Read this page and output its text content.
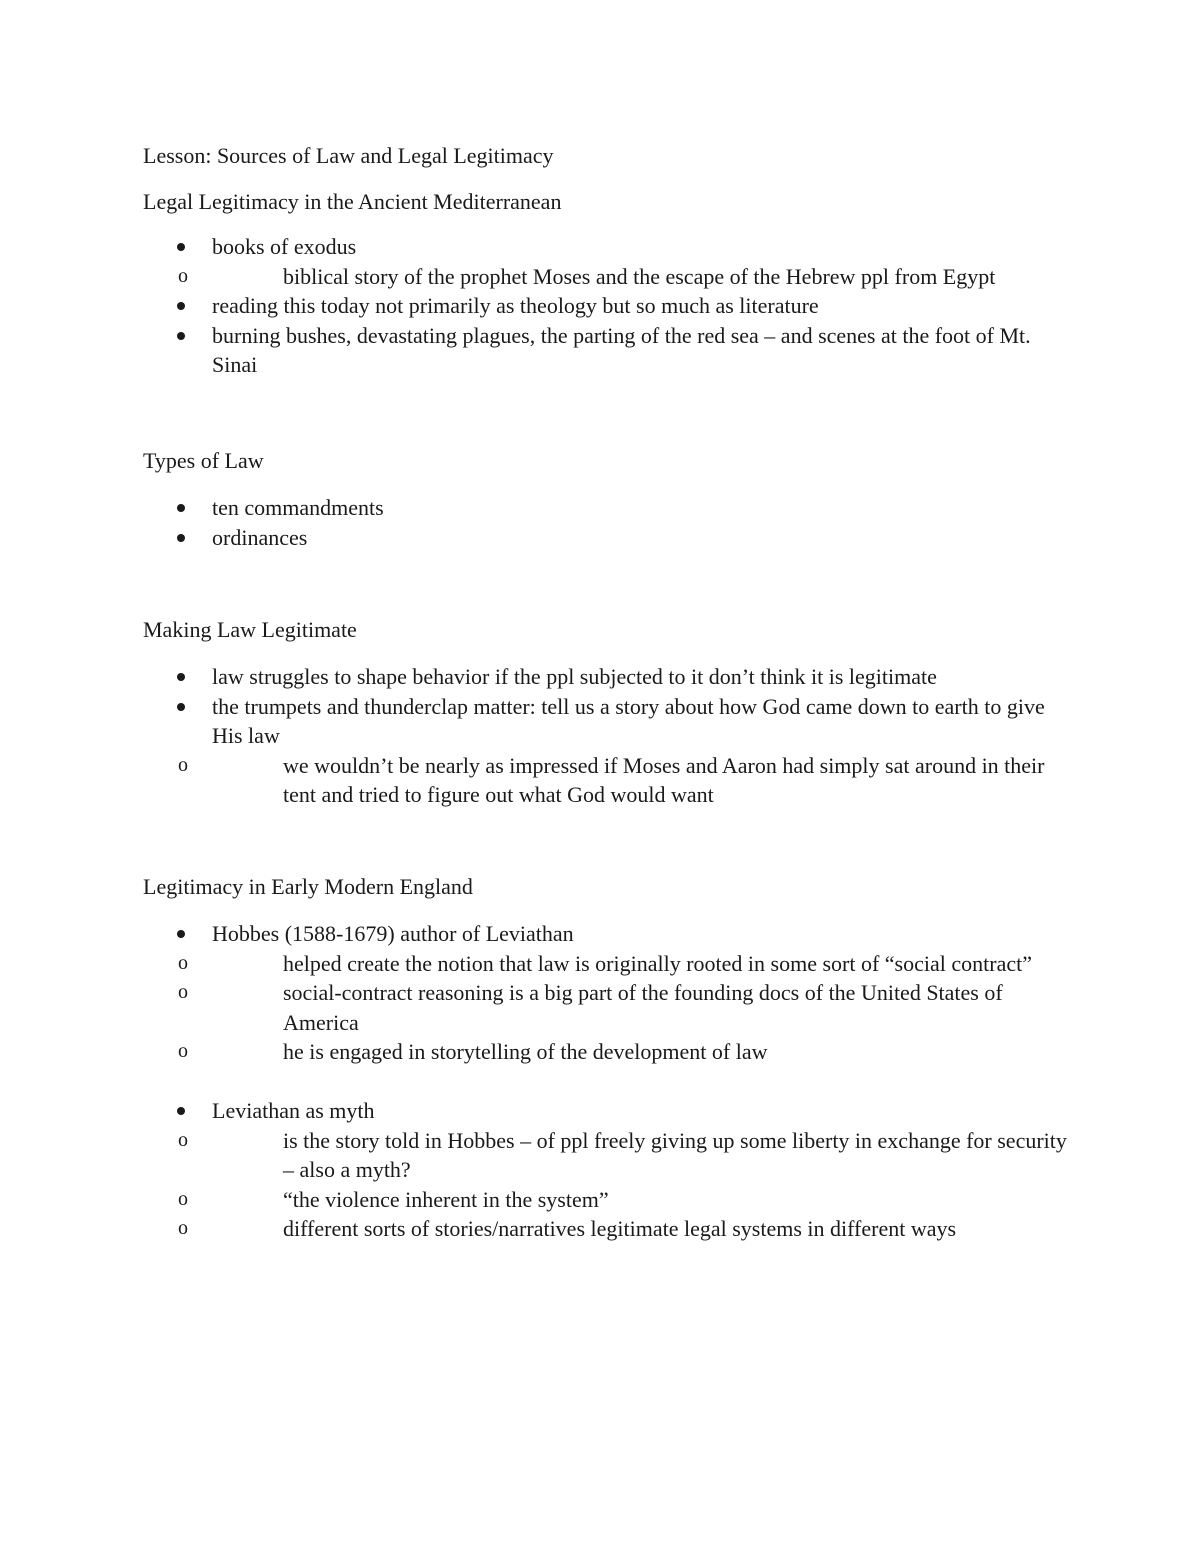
Lesson: Sources of Law and Legal Legitimacy

Legal Legitimacy in the Ancient Mediterranean

books of exodus
o	biblical story of the prophet Moses and the escape of the Hebrew ppl from Egypt
reading this today not primarily as theology but so much as literature
burning bushes, devastating plagues, the parting of the red sea – and scenes at the foot of Mt. Sinai

Types of Law

ten commandments
ordinances

Making Law Legitimate

law struggles to shape behavior if the ppl subjected to it don’t think it is legitimate
the trumpets and thunderclap matter: tell us a story about how God came down to earth to give His law
o	we wouldn’t be nearly as impressed if Moses and Aaron had simply sat around in their tent and tried to figure out what God would want

Legitimacy in Early Modern England

Hobbes (1588-1679) author of Leviathan
o	helped create the notion that law is originally rooted in some sort of “social contract”
o	social-contract reasoning is a big part of the founding docs of the United States of America
o	he is engaged in storytelling of the development of law
Leviathan as myth
o	is the story told in Hobbes – of ppl freely giving up some liberty in exchange for security – also a myth?
o	“the violence inherent in the system”
o	different sorts of stories/narratives legitimate legal systems in different ways
